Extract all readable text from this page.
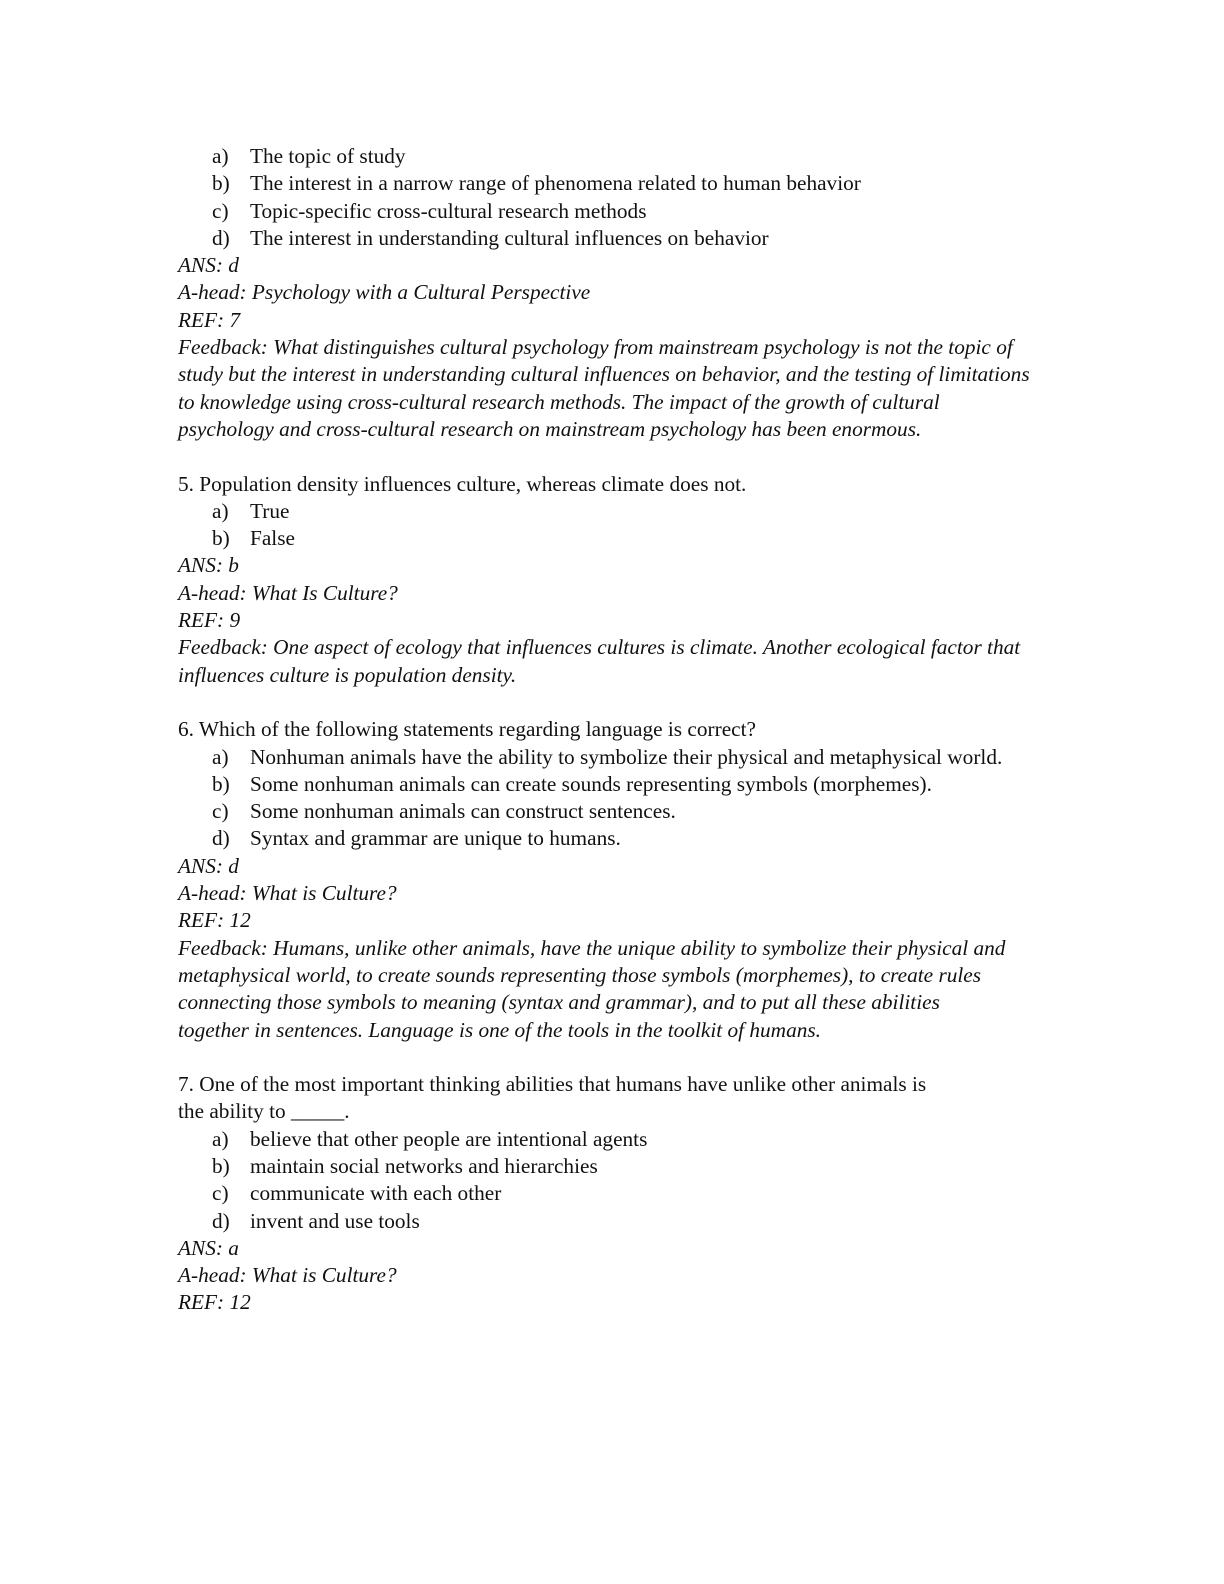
a)	The topic of study
b) The interest in a narrow range of phenomena related to human behavior
c)	Topic-specific cross-cultural research methods
d) The interest in understanding cultural influences on behavior
ANS: d
A-head: Psychology with a Cultural Perspective
REF: 7
Feedback: What distinguishes cultural psychology from mainstream psychology is not the topic of study but the interest in understanding cultural influences on behavior, and the testing of limitations to knowledge using cross-cultural research methods. The impact of the growth of cultural psychology and cross-cultural research on mainstream psychology has been enormous.
5. Population density influences culture, whereas climate does not.
a)	True
b) False
ANS: b
A-head: What Is Culture?
REF: 9
Feedback: One aspect of ecology that influences cultures is climate. Another ecological factor that influences culture is population density.
6. Which of the following statements regarding language is correct?
a)	Nonhuman animals have the ability to symbolize their physical and metaphysical world.
b) Some nonhuman animals can create sounds representing symbols (morphemes).
c)	Some nonhuman animals can construct sentences.
d) Syntax and grammar are unique to humans.
ANS: d
A-head: What is Culture?
REF: 12
Feedback: Humans, unlike other animals, have the unique ability to symbolize their physical and metaphysical world, to create sounds representing those symbols (morphemes), to create rules connecting those symbols to meaning (syntax and grammar), and to put all these abilities together in sentences. Language is one of the tools in the toolkit of humans.
7. One of the most important thinking abilities that humans have unlike other animals is
the ability to _____.
a)	believe that other people are intentional agents
b) maintain social networks and hierarchies
c)	communicate with each other
d) invent and use tools
ANS: a
A-head: What is Culture?
REF: 12
